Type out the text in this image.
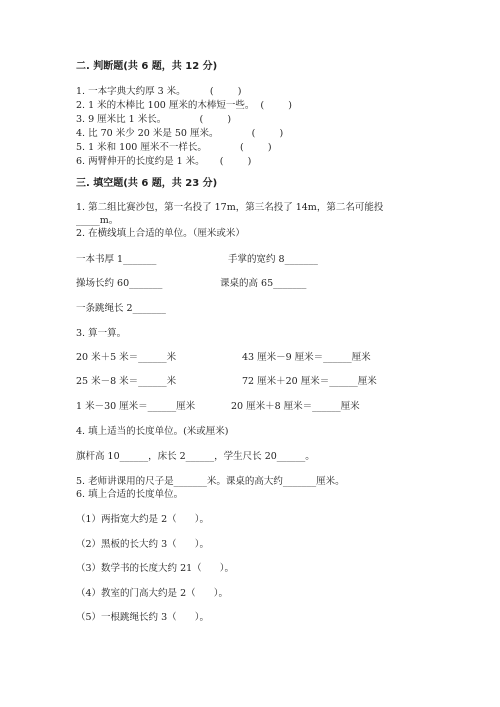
二. 判断题(共 6 题，共 12 分)
1. 一本字典大约厚 3 米。        (        )
2. 1 米的木棒比 100 厘米的木棒短一些。  (        )
3. 9 厘米比 1 米长。           (        )
4. 比 70 米少 20 米是 50 厘米。           (        )
5. 1 米和 100 厘米不一样长。           (        )
6. 两臂伸开的长度约是 1 米。     (        )
三. 填空题(共 6 题，共 23 分)
1. 第二组比赛沙包，第一名投了 17m，第三名投了 14m，第二名可能投
_____m。
2. 在横线填上合适的单位。（厘米或米）
一本书厚 1_______	手掌的宽约 8_______
操场长约 60_______	课桌的高 65_______
一条跳绳长 2_______
3. 算一算。
20 米＋5 米＝______米	43 厘米－9 厘米＝______厘米
25 米－8 米＝______米	72 厘米＋20 厘米＝______厘米
1 米－30 厘米＝______厘米	20 厘米＋8 厘米＝______厘米
4. 填上适当的长度单位。(米或厘米)
旗杆高 10______，床长 2______，学生尺长 20______。
5. 老师讲课用的尺子是_______米。课桌的高大约_______厘米。
6. 填上合适的长度单位。
（1）两指宽大约是 2（      ）。
（2）黑板的长大约 3（      ）。
（3）数学书的长度大约 21（      ）。
（4）教室的门高大约是 2（      ）。
（5）一根跳绳长约 3（      ）。
